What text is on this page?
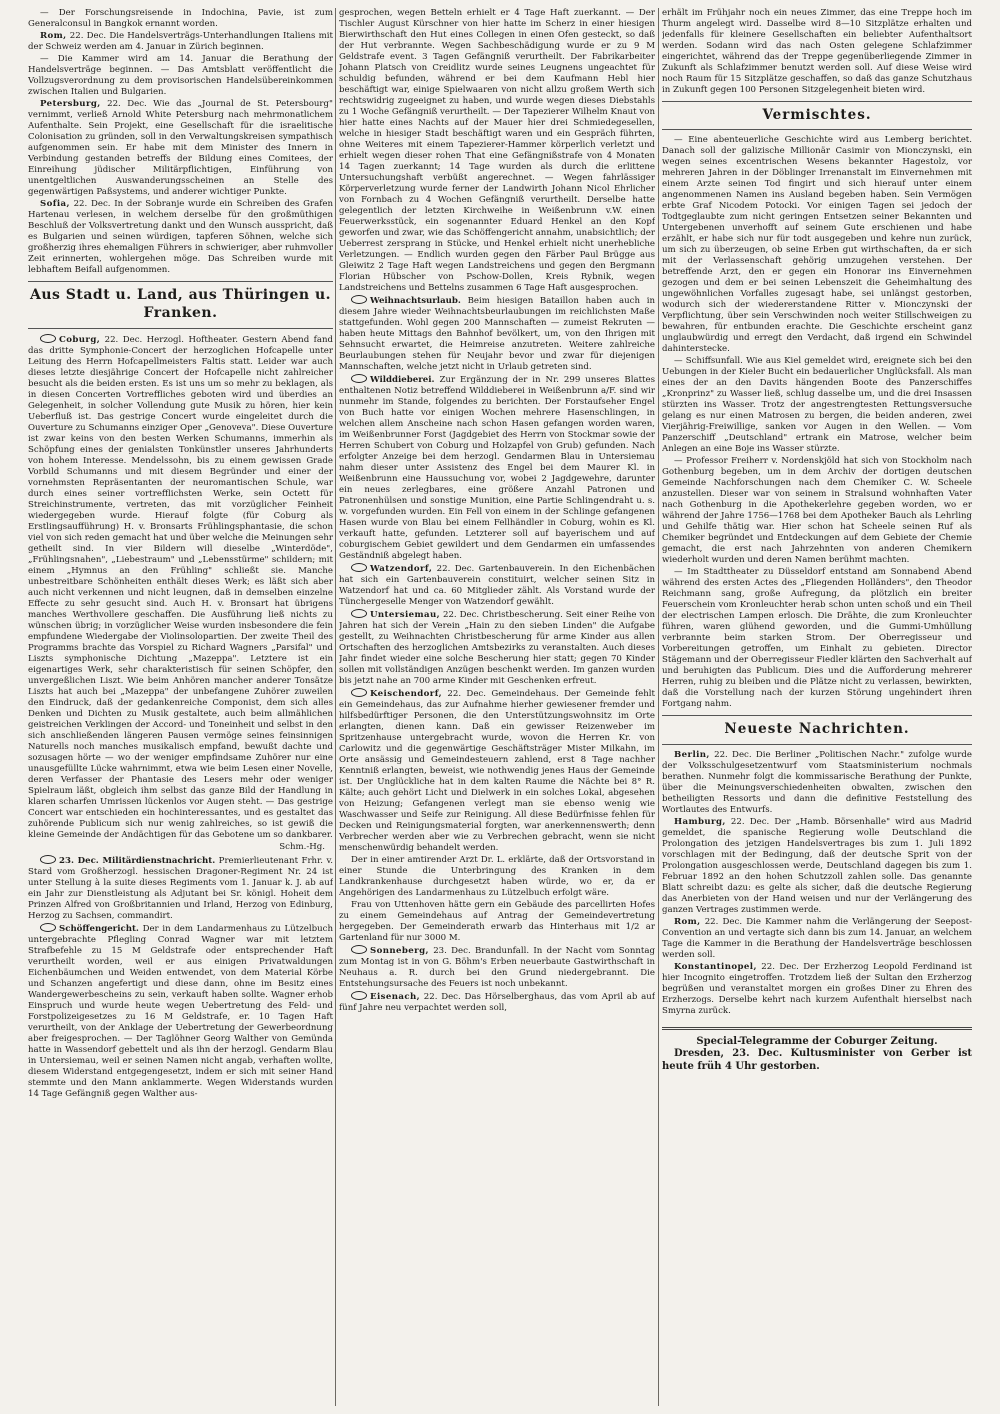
— Der Forschungsreisende in Indochina, Pavie, ist zum Generalconsul in Bangkok ernannt worden.

Rom, 22. Dec. Die Handelsverträgs-Unterhandlungen Italiens mit der Schweiz werden am 4. Januar in Zürich beginnen.

— Die Kammer wird am 14. Januar die Berathung der Handelsverträge beginnen. — Das Amtsblatt veröffentlicht die Vollzugsverordnung zu dem provisorischen Handelsübereinkommen zwischen Italien und Bulgarien.

Petersburg, 22. Dec. Wie das „Journal de St. Petersbourg" vernimmt, verließ Arnold White Petersburg nach mehrmonatlichem Aufenthalte. Sein Projekt, eine Gesellschaft für die israelitische Colonisation zu gründen, soll in den Verwaltungskreisen sympathisch aufgenommen sein. Er habe mit dem Minister des Innern in Verbindung gestanden betreffs der Bildung eines Comitees, der Einreihung jüdischer Militärpflichtigen, Einführung von unentgeltlichen Auswanderungsscheinen an Stelle des gegenwärtigen Paßsystems, und anderer wichtiger Punkte.

Sofia, 22. Dec. In der Sobranje wurde ein Schreiben des Grafen Hartenau verlesen, in welchem derselbe für den großmüthigen Beschluß der Volksvertretung dankt und den Wunsch ausspricht, daß es Bulgarien und seinen würdigen, tapferen Söhnen, welche sich großherzig ihres ehemaligen Führers in schwieriger, aber ruhmvoller Zeit erinnerten, wohlergehen möge. Das Schreiben wurde mit lebhaftem Beifall aufgenommen.

Aus Stadt u. Land, aus Thüringen u. Franken.

Coburg, 22. Dec. Herzogl. Hoftheater. Gestern Abend fand das dritte Symphonie-Concert der herzoglichen Hofcapelle unter Leitung des Herrn Hofcapellmeisters Faltis statt. Leider war auch dieses letzte diesjährige Concert der Hofcapelle nicht zahlreicher besucht als die beiden ersten. Es ist uns um so mehr zu beklagen, als in diesen Concerten Vortreffliches geboten wird und überdies an Gelegenheit, in solcher Vollendung gute Musik zu hören, hier kein Ueberfluß ist. Das gestrige Concert wurde eingeleitet durch die Ouverture zu Schumanns einziger Oper „Genoveva". Diese Ouverture ist zwar keins von den besten Werken Schumanns, immerhin als Schöpfung eines der genialsten Tonkünstler unseres Jahrhunderts von hohem Interesse. Mendelssohn, bis zu einem gewissen Grade Vorbild Schumanns und mit diesem Begründer und einer der vornehmsten Repräsentanten der neuromantischen Schule, war durch eines seiner vortrefflichsten Werke, sein Octett für Streichinstrumente, vertreten, das mit vorzüglicher Feinheit wiedergegeben wurde. Hierauf folgte (für Coburg als Erstlingsaufführung) H. v. Bronsarts Frühlingsphantasie, die schon viel von sich reden gemacht hat und über welche die Meinungen sehr getheilt sind. In vier Bildern will dieselbe „Winterdöde", „Frühlingsnahen", „Liebestraum" und „Lebensstürme" schildern; mit einem „Hymnus an den Frühling" schließt sie. Manche unbestreitbare Schönheiten enthält dieses Werk; es läßt sich aber auch nicht verkennen und nicht leugnen, daß in demselben einzelne Effecte zu sehr gesucht sind. Auch H. v. Bronsart hat übrigens manches Werthvollere geschaffen. Die Ausführung ließ nichts zu wünschen übrig; in vorzüglicher Weise wurden insbesondere die fein empfundene Wiedergabe der Violinsolopartien. Der zweite Theil des Programms brachte das Vorspiel zu Richard Wagners „Parsifal" und Liszts symphonische Dichtung „Mazeppa". Letztere ist ein eigenartiges Werk, sehr charakteristisch für seinen Schöpfer, den unvergeßlichen Liszt. Wie beim Anhören mancher anderer Tonsätze Liszts hat auch bei „Mazeppa" der unbefangene Zuhörer zuweilen den Eindruck, daß der gedankenreiche Componist, dem sich alles Denken und Dichten zu Musik gestaltete, auch beim allmählichen geistreichen Verklingen der Accord- und Toneinheit und selbst in den sich anschließenden längeren Pausen vermöge seines feinsinnigen Naturells noch manches musikalisch empfand, bewußt dachte und sozusagen hörte — wo der weniger empfindsame Zuhörer nur eine unausgefüllte Lücke wahrnimmt, etwa wie beim Lesen einer Novelle, deren Verfasser der Phantasie des Lesers mehr oder weniger Spielraum läßt, obgleich ihm selbst das ganze Bild der Handlung in klaren scharfen Umrissen lückenlos vor Augen steht. — Das gestrige Concert war entschieden ein hochinteressantes, und es gestaltet das zuhörende Publicum sich nur wenig zahlreiches, so ist gewiß die kleine Gemeinde der Andächtigen für das Gebotene um so dankbarer.

Schm.-Hg.

23. Dec. Militärdienstnachricht. Premierlieutenant Frhr. v. Stard vom Großherzogl. hessischen Dragoner-Regiment Nr. 24 ist unter Stellung à la suite dieses Regiments vom 1. Januar k. J. ab auf ein Jahr zur Dienstleistung als Adjutant bei Sr. königl. Hoheit dem Prinzen Alfred von Großbritannien und Irland, Herzog von Edinburg, Herzog zu Sachsen, commandirt.

Schöffengericht. Der in dem Landarmenhaus zu Lützelbuch untergebrachte Pflegling Conrad Wagner war mit letztem Strafbefehle zu 15 M Geldstrafe oder entsprechender Haft verurtheilt worden, weil er aus einigen Privatwaldungen Eichenbäumchen und Weiden entwendet, von dem Material Körbe und Schanzen angefertigt und diese dann, ohne im Besitz eines Wandergewerbescheins zu sein, verkauft haben sollte. Wagner erhob Einspruch und wurde heute wegen Uebertretung des Feld- und Forstpolizeigesetzes zu 16 M Geldstrafe, er. 10 Tagen Haft verurtheilt, von der Anklage der Uebertretung der Gewerbeordnung aber freigesprochen. — Der Taglöhner Georg Walther von Gemünda hatte in Wassendorf gebettelt und als ihn der herzogl. Gendarm Blau in Untersiemau, weil er seinen Namen nicht angab, verhaften wollte, diesem Widerstand entgegengesetzt, indem er sich mit seiner Hand stemmte und den Mann anklammerte. Wegen Widerstands wurden 14 Tage Gefängniß gegen Walther aus-

gesprochen, wegen Betteln erhielt er 4 Tage Haft zuerkannt. — Der Tischler August Kürschner von hier hatte im Scherz in einer hiesigen Bierwirthschaft den Hut eines Collegen in einen Ofen gesteckt, so daß der Hut verbrannte. Wegen Sachbeschädigung wurde er zu 9 M Geldstrafe event. 3 Tagen Gefängniß verurtheilt. Der Fabrikarbeiter Johann Platsch von Creidlitz wurde seines Leugnens ungeachtet für schuldig befunden, während er bei dem Kaufmann Hebl hier beschäftigt war, einige Spielwaaren von nicht allzu großem Werth sich rechtswidrig zugeeignet zu haben, und wurde wegen dieses Diebstahls zu 1 Woche Gefängniß verurtheilt. — Der Tapezierer Wilhelm Knaut von hier hatte eines Nachts auf der Mauer hier drei Schmiedegesellen, welche in hiesiger Stadt beschäftigt waren und ein Gespräch führten, ohne Weiteres mit einem Tapezierer-Hammer körperlich verletzt und erhielt wegen dieser rohen That eine Gefängnißstrafe von 4 Monaten 14 Tagen zuerkannt; 14 Tage wurden als durch die erlittene Untersuchungshaft verbüßt angerechnet. — Wegen fahrlässiger Körperverletzung wurde ferner der Landwirth Johann Nicol Ehrlicher von Fornbach zu 4 Wochen Gefängniß verurtheilt. Derselbe hatte gelegentlich der letzten Kirchweihe in Weißenbrunn v.W. einen Feuerwerksstück, ein sogenannter Eduard Henkel an den Kopf geworfen und zwar, wie das Schöffengericht annahm, unabsichtlich; der Ueberrest zersprang in Stücke, und Henkel erhielt nicht unerhebliche Verletzungen. — Endlich wurden gegen den Färber Paul Brügge aus Gleiwitz 2 Tage Haft wegen Landstreichens und gegen den Bergmann Florian Hübscher von Pschow-Dollen, Kreis Rybnik, wegen Landstreichens und Bettelns zusammen 6 Tage Haft ausgesprochen.

Weihnachtsurlaub. Beim hiesigen Bataillon haben auch in diesem Jahre wieder Weihnachtsbeurlaubungen im reichlichsten Maße stattgefunden. Wohl gegen 200 Mannschaften — zumeist Rekruten — haben heute Mittags den Bahnhof bevölkert, um, von den Ihrigen mit Sehnsucht erwartet, die Heimreise anzutreten. Weitere zahlreiche Beurlaubungen stehen für Neujahr bevor und zwar für diejenigen Mannschaften, welche jetzt nicht in Urlaub getreten sind.

Wilddieberei. Zur Ergänzung der in Nr. 299 unseres Blattes enthaltenen Notiz betreffend Wilddieberei in Weißenbrunn a/F. sind wir nunmehr im Stande, folgendes zu berichten. Der Forstaufseher Engel von Buch hatte vor einigen Wochen mehrere Hasenschlingen, in welchen allem Anscheine nach schon Hasen gefangen worden waren, im Weißenbrunner Forst (Jagdgebiet des Herrn von Stockmar sowie der Herren Schubert von Coburg und Holzapfel von Grub) gefunden. Nach erfolgter Anzeige bei dem herzogl. Gendarmen Blau in Untersiemau nahm dieser unter Assistenz des Engel bei dem Maurer Kl. in Weißenbrunn eine Haussuchung vor, wobei 2 Jagdgewehre, darunter ein neues zerlegbares, eine größere Anzahl Patronen und Patronenhülsen und sonstige Munition, eine Partie Schlingendraht u. s. w. vorgefunden wurden. Ein Fell von einem in der Schlinge gefangenen Hasen wurde von Blau bei einem Fellhändler in Coburg, wohin es Kl. verkauft hatte, gefunden. Letzterer soll auf bayerischem und auf coburgischem Gebiet gewildert und dem Gendarmen ein umfassendes Geständniß abgelegt haben.

Watzendorf, 22. Dec. Gartenbauverein. In den Eichenbächen hat sich ein Gartenbauverein constituirt, welcher seinen Sitz in Watzendorf hat und ca. 60 Mitglieder zählt. Als Vorstand wurde der Tünchergeselle Menger von Watzendorf gewählt.

Untersiemau, 22. Dec. Christbescherung. Seit einer Reihe von Jahren hat sich der Verein „Hain zu den sieben Linden" die Aufgabe gestellt, zu Weihnachten Christbescherung für arme Kinder aus allen Ortschaften des herzoglichen Amtsbezirks zu veranstalten. Auch dieses Jahr findet wieder eine solche Bescherung hier statt; gegen 70 Kinder sollen mit vollständigen Anzügen beschenkt werden. Im ganzen wurden bis jetzt nahe an 700 arme Kinder mit Geschenken erfreut.

Keischendorf, 22. Dec. Gemeindehaus. Der Gemeinde fehlt ein Gemeindehaus, das zur Aufnahme hierher gewiesener fremder und hilfsbedürftiger Personen, die den Unterstützungswohnsitz im Orte erlangten, dienen kann. Daß ein gewisser Reizenweber im Spritzenhause untergebracht wurde, wovon die Herren Kr. von Carlowitz und die gegenwärtige Geschäftsträger Mister Milkahn, im Orte ansässig und Gemeindesteuern zahlend, erst 8 Tage nachher Kenntniß erlangten, beweist, wie nothwendig jenes Haus der Gemeinde ist. Der Unglückliche hat in dem kalten Raume die Nächte bei 8° R. Kälte; auch gehört Licht und Dielwerk in ein solches Lokal, abgesehen von Heizung; Gefangenen verlegt man sie ebenso wenig wie Waschwasser und Seife zur Reinigung. All diese Bedürfnisse fehlen für Decken und Reinigungsmaterial forgten, war anerkennenswerth; denn Verbrecher werden aber wie zu Verbrechen gebracht, wenn sie nicht menschenwürdig behandelt werden.

Der in einer amtirender Arzt Dr. L. erklärte, daß der Ortsvorstand in einer Stunde die Unterbringung des Kranken in dem Landkrankenhause durchgesetzt haben würde, wo er, da er Angehörigen des Landarmenhaus zu Lützelbuch erfolgt wäre.

Frau von Uttenhoven hätte gern ein Gebäude des parcellirten Hofes zu einem Gemeindehaus auf Antrag der Gemeindevertretung hergegeben. Der Gemeinderath erwarb das Hinterhaus mit 1/2 ar Gartenland für nur 3000 M.

Sonneberg, 23. Dec. Brandunfall. In der Nacht vom Sonntag zum Montag ist in von G. Böhm's Erben neuerbaute Gastwirthschaft in Neuhaus a. R. durch bei den Grund niedergebrannt. Die Entstehungsursache des Feuers ist noch unbekannt.

Eisenach, 22. Dec. Das Hörselberghaus, das vom April ab auf fünf Jahre neu verpachtet werden soll,

erhält im Frühjahr noch ein neues Zimmer, das eine Treppe hoch im Thurm angelegt wird. Dasselbe wird 8—10 Sitzplätze erhalten und jedenfalls für kleinere Gesellschaften ein beliebter Aufenthaltsort werden. Sodann wird das nach Osten gelegene Schlafzimmer eingerichtet, während das der Treppe gegenüberliegende Zimmer in Zukunft als Schlafzimmer benutzt werden soll. Auf diese Weise wird noch Raum für 15 Sitzplätze geschaffen, so daß das ganze Schutzhaus in Zukunft gegen 100 Personen Sitzgelegenheit bieten wird.

Vermischtes.

— Eine abenteuerliche Geschichte wird aus Lemberg berichtet. Danach soll der galizische Millionär Casimir von Mionczynski, ein wegen seines excentrischen Wesens bekannter Hagestolz, vor mehreren Jahren in der Döblinger Irrenanstalt im Einvernehmen mit einem Arzte seinen Tod fingirt und sich hierauf unter einem angenommenen Namen ins Ausland begeben haben. Sein Vermögen erbte Graf Nicodem Potocki. Vor einigen Tagen sei jedoch der Todtgeglaubte zum nicht geringen Entsetzen seiner Bekannten und Untergebenen unverhofft auf seinem Gute erschienen und habe erzählt, er habe sich nur für todt ausgegeben und kehre nun zurück, um sich zu überzeugen, ob seine Erben gut wirthschaften, da er sich mit der Verlassenschaft gehörig umzugehen verstehen. Der betreffende Arzt, den er gegen ein Honorar ins Einvernehmen gezogen und dem er bei seinen Lebenszeit die Geheimhaltung des ungewöhnlichen Vorfalles zugesagt habe, sei unlängst gestorben, wodurch sich der wiedererstandene Ritter v. Mionczynski der Verpflichtung, über sein Verschwinden noch weiter Stillschweigen zu bewahren, für entbunden erachte. Die Geschichte erscheint ganz unglaubwürdig und erregt den Verdacht, daß irgend ein Schwindel dahinterstecke.

— Schiffsunfall. Wie aus Kiel gemeldet wird, ereignete sich bei den Uebungen in der Kieler Bucht ein bedauerlicher Unglücksfall. Als man eines der an den Davits hängenden Boote des Panzerschiffes „Kronprinz" zu Wasser ließ, schlug dasselbe um, und die drei Insassen stürzten ins Wasser. Trotz der angestrengtesten Rettungsversuche gelang es nur einen Matrosen zu bergen, die beiden anderen, zwei Vierjährig-Freiwillige, sanken vor Augen in den Wellen. — Vom Panzerschiff „Deutschland" ertrank ein Matrose, welcher beim Anlegen an eine Boje ins Wasser stürzte.

— Professor Freiherr v. Nordenskjöld hat sich von Stockholm nach Gothenburg begeben, um in dem Archiv der dortigen deutschen Gemeinde Nachforschungen nach dem Chemiker C. W. Scheele anzustellen. Dieser war von seinem in Stralsund wohnhaften Vater nach Gothenburg in die Apothekerlehre gegeben worden, wo er während der Jahre 1756—1768 bei dem Apotheker Bauch als Lehrling und Gehilfe thätig war. Hier schon hat Scheele seinen Ruf als Chemiker begründet und Entdeckungen auf dem Gebiete der Chemie gemacht, die erst nach Jahrzehnten von anderen Chemikern wiederholt wurden und deren Namen berühmt machten.

— Im Stadttheater zu Düsseldorf entstand am Sonnabend Abend während des ersten Actes des „Fliegenden Holländers", den Theodor Reichmann sang, große Aufregung, da plötzlich ein breiter Feuerschein vom Kronleuchter herab schon unten schoß und ein Theil der electrischen Lampen erlosch. Die Drähte, die zum Kronleuchter führen, waren glühend geworden, und die Gummi-Umhüllung verbrannte beim starken Strom. Der Oberregisseur und Vorbereitungen getroffen, um Einhalt zu gebieten. Director Stägemann und der Oberregisseur Fiedler klärten den Sachverhalt auf und beruhigten das Publicum. Dies und die Aufforderung mehrerer Herren, ruhig zu bleiben und die Plätze nicht zu verlassen, bewirkten, daß die Vorstellung nach der kurzen Störung ungehindert ihren Fortgang nahm.

Neueste Nachrichten.

Berlin, 22. Dec. Die Berliner „Politischen Nachr." zufolge wurde der Volksschulgesetzentwurf vom Staatsministerium nochmals berathen. Nunmehr folgt die kommissarische Berathung der Punkte, über die Meinungsverschiedenheiten obwalten, zwischen den betheiligten Ressorts und dann die definitive Feststellung des Wortlautes des Entwurfs.

Hamburg, 22. Dec. Der „Hamb. Börsenhalle" wird aus Madrid gemeldet, die spanische Regierung wolle Deutschland die Prolongation des jetzigen Handelsvertrages bis zum 1. Juli 1892 vorschlagen mit der Bedingung, daß der deutsche Sprit von der Prolongation ausgeschlossen werde, Deutschland dagegen bis zum 1. Februar 1892 an den hohen Schutzzoll zahlen solle. Das genannte Blatt schreibt dazu: es gelte als sicher, daß die deutsche Regierung das Anerbieten von der Hand weisen und nur der Verlängerung des ganzen Vertrages zustimmen werde.

Rom, 22. Dec. Die Kammer nahm die Verlängerung der Seepost-Convention an und vertagte sich dann bis zum 14. Januar, an welchem Tage die Kammer in die Berathung der Handelsverträge beschlossen werden soll.

Konstantinopel, 22. Dec. Der Erzherzog Leopold Ferdinand ist hier Incognito eingetroffen. Trotzdem ließ der Sultan den Erzherzog begrüßen und veranstaltet morgen ein großes Diner zu Ehren des Erzherzogs. Derselbe kehrt nach kurzem Aufenthalt hierselbst nach Smyrna zurück.

Special-Telegramme der Coburger Zeitung.

Dresden, 23. Dec. Kultusminister von Gerber ist heute früh 4 Uhr gestorben.
